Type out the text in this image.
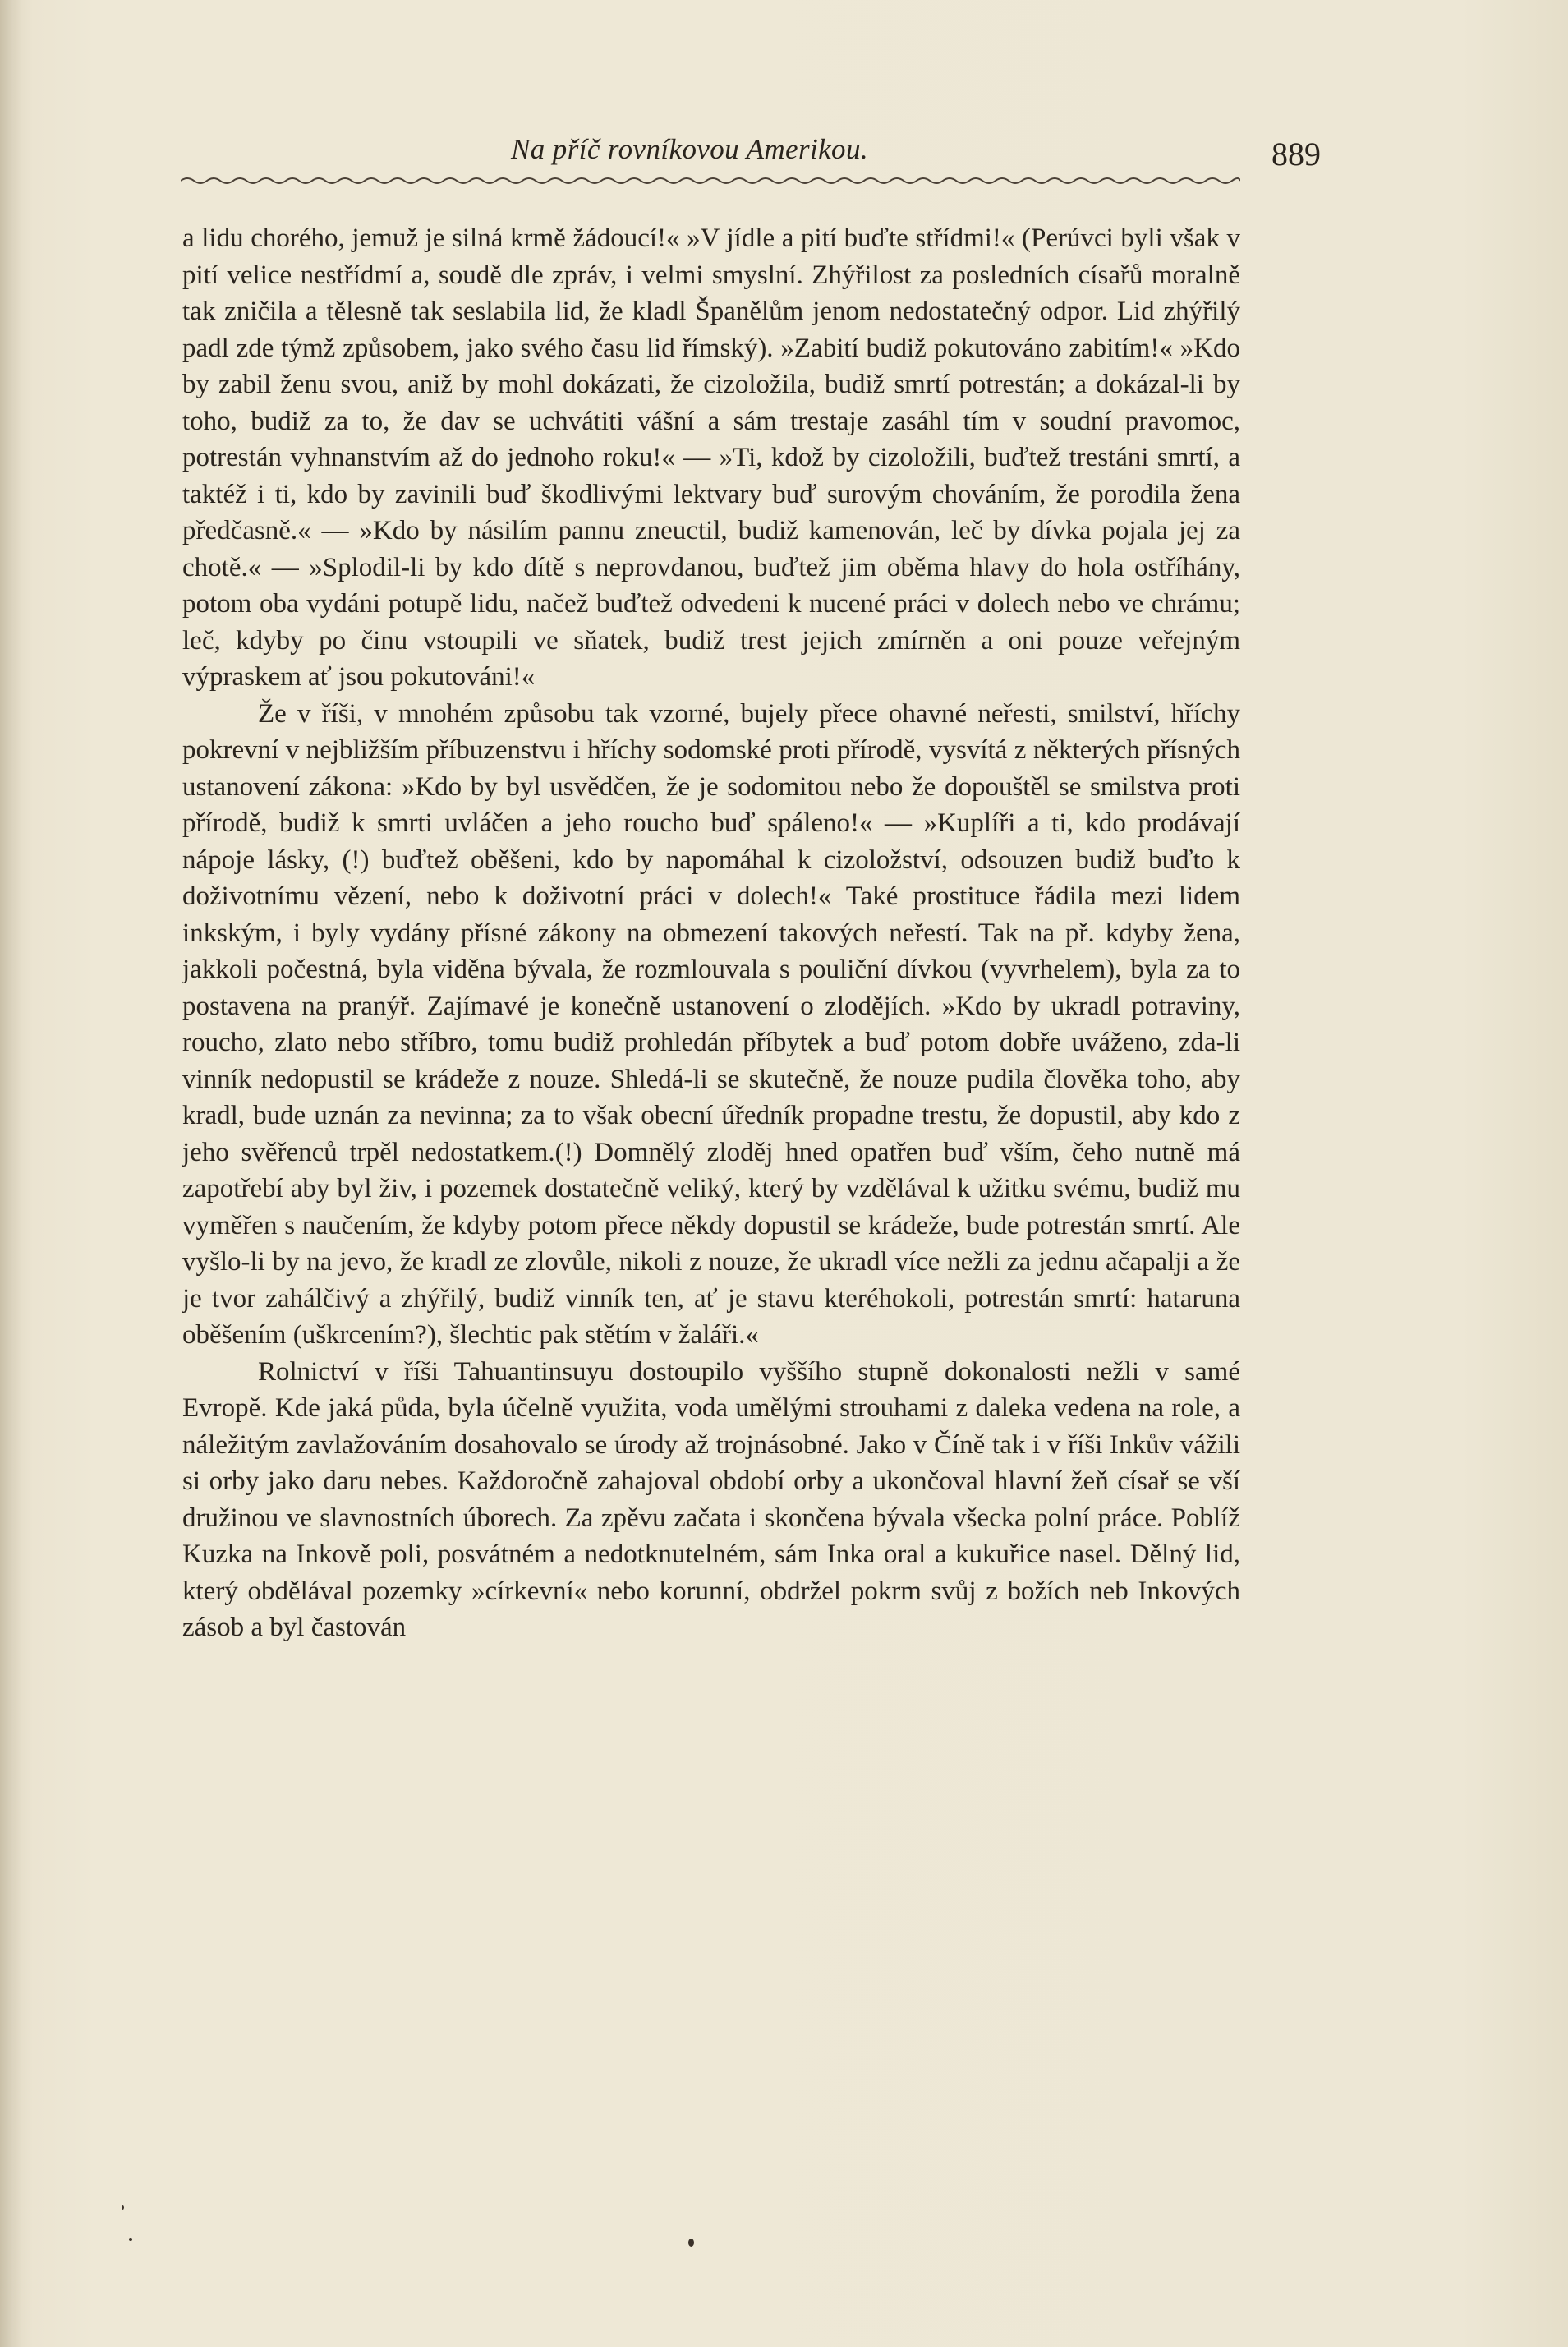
Na příč rovníkovou Amerikou.	889

a lidu chorého, jemuž je silná krmě žádoucí!« »V jídle a pití buďte střídmi!« (Perúvci byli však v pití velice nestřídmí a, soudě dle zpráv, i velmi smyslní. Zhýřilost za posledních císařů moralně tak zničila a tělesně tak seslabila lid, že kladl Španělům jenom nedostatečný odpor. Lid zhýřilý padl zde týmž způsobem, jako svého času lid římský). »Zabití budiž pokutováno zabitím!« »Kdo by zabil ženu svou, aniž by mohl dokázati, že cizoložila, budiž smrtí potrestán; a dokázal-li by toho, budiž za to, že dav se uchvátiti vášní a sám trestaje zasáhl tím v soudní pravomoc, potrestán vyhnanstvím až do jednoho roku!« — »Ti, kdož by cizoložili, buďtež trestáni smrtí, a taktéž i ti, kdo by zavinili buď škodlivými lektvary buď surovým chováním, že porodila žena předčasně.« — »Kdo by násilím pannu zneuctil, budiž kamenován, leč by dívka pojala jej za chotě.« — »Splodil-li by kdo dítě s neprovdanou, buďtež jim oběma hlavy do hola ostříhány, potom oba vydáni potupě lidu, načež buďtež odvedeni k nucené práci v dolech nebo ve chrámu; leč, kdyby po činu vstoupili ve sňatek, budiž trest jejich zmírněn a oni pouze veřejným výpraskem ať jsou pokutováni!«

Že v říši, v mnohém způsobu tak vzorné, bujely přece ohavné neřesti, smilství, hříchy pokrevní v nejbližším příbuzenstvu i hříchy sodomské proti přírodě, vysvítá z některých přísných ustanovení zákona: »Kdo by byl usvědčen, že je sodomitou nebo že dopouštěl se smilstva proti přírodě, budiž k smrti uvláčen a jeho roucho buď spáleno!« — »Kuplíři a ti, kdo prodávají nápoje lásky, (!) buďtež oběšeni, kdo by napomáhal k cizoložství, odsouzen budiž buďto k doživotnímu vězení, nebo k doživotní práci v dolech!« Také prostituce řádila mezi lidem inkským, i byly vydány přísné zákony na obmezení takových neřestí. Tak na př. kdyby žena, jakkoli počestná, byla viděna bývala, že rozmlouvala s pouliční dívkou (vyvrhelem), byla za to postavena na pranýř. Zajímavé je konečně ustanovení o zlodějích. »Kdo by ukradl potraviny, roucho, zlato nebo stříbro, tomu budiž prohledán příbytek a buď potom dobře uváženo, zda-li vinník nedopustil se krádeže z nouze. Shledá-li se skutečně, že nouze pudila člověka toho, aby kradl, bude uznán za nevinna; za to však obecní úředník propadne trestu, že dopustil, aby kdo z jeho svěřenců trpěl nedostatkem.(!) Domnělý zloděj hned opatřen buď vším, čeho nutně má zapotřebí aby byl živ, i pozemek dostatečně veliký, který by vzdělával k užitku svému, budiž mu vyměřen s naučením, že kdyby potom přece někdy dopustil se krádeže, bude potrestán smrtí. Ale vyšlo-li by na jevo, že kradl ze zlovůle, nikoli z nouze, že ukradl více nežli za jednu ačapalji a že je tvor zahálčivý a zhýřilý, budiž vinník ten, ať je stavu kteréhokoli, potrestán smrtí: hataruna oběšením (uškrcením?), šlechtic pak stětím v žaláři.«

Rolnictví v říši Tahuantinsuyu dostoupilo vyššího stupně dokonalosti nežli v samé Evropě. Kde jaká půda, byla účelně využita, voda umělými strouhami z daleka vedena na role, a náležitým zavlažováním dosahovalo se úrody až trojnásobné. Jako v Číně tak i v říši Inkův vážili si orby jako daru nebes. Každoročně zahajoval období orby a ukončoval hlavní žeň císař se vší družinou ve slavnostních úborech. Za zpěvu začata i skončena bývala všecka polní práce. Poblíž Kuzka na Inkově poli, posvátném a nedotknutelném, sám Inka oral a kukuřice nasel. Dělný lid, který obdělával pozemky »církevní« nebo korunní, obdržel pokrm svůj z božích neb Inkových zásob a byl častován
